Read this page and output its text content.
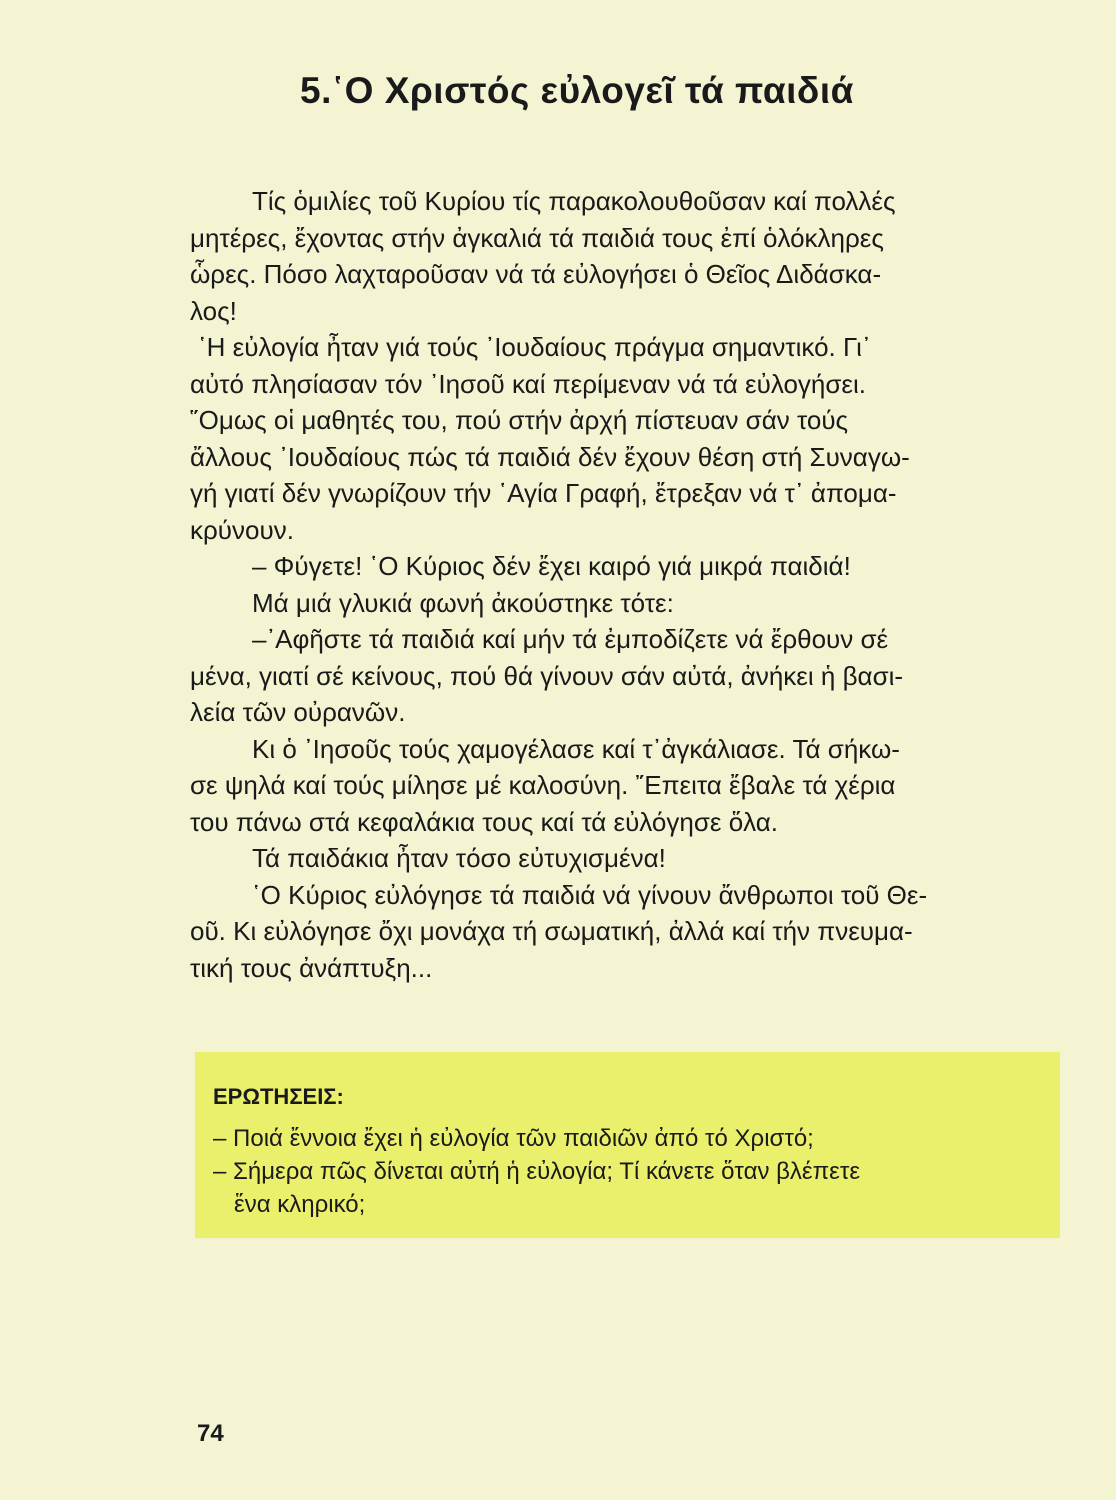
5.῾Ο Χριστός εὐλογεῖ τά παιδιά
Τίς ὁμιλίες τοῦ Κυρίου τίς παρακολουθοῦσαν καί πολλές
μητέρες, ἔχοντας στήν ἀγκαλιά τά παιδιά τους ἐπί ὁλόκληρες
ὧρες. Πόσο λαχταροῦσαν νά τά εὐλογήσει ὁ Θεῖος Διδάσκα-
λος!
῾Η εὐλογία ἦταν γιά τούς ᾽Ιουδαίους πράγμα σημαντικό. Γι᾽
αὐτό πλησίασαν τόν ᾽Ιησοῦ καί περίμεναν νά τά εὐλογήσει.
῞Ομως οἱ μαθητές του, πού στήν ἀρχή πίστευαν σάν τούς
ἄλλους ᾽Ιουδαίους πώς τά παιδιά δέν ἔχουν θέση στή Συναγω-
γή γιατί δέν γνωρίζουν τήν ῾Αγία Γραφή, ἔτρεξαν νά τ᾽ ἀπομα-
κρύνουν.
– Φύγετε! ῾Ο Κύριος δέν ἔχει καιρό γιά μικρά παιδιά!
Μά μιά γλυκιά φωνή ἀκούστηκε τότε:
–᾽Αφῆστε τά παιδιά καί μήν τά ἐμποδίζετε νά ἔρθουν σέ
μένα, γιατί σέ κείνους, πού θά γίνουν σάν αὐτά, ἀνήκει ἡ βασι-
λεία τῶν οὐρανῶν.
Κι ὁ ᾽Ιησοῦς τούς χαμογέλασε καί τ᾽ἀγκάλιασε. Τά σήκω-
σε ψηλά καί τούς μίλησε μέ καλοσύνη. ῎Επειτα ἔβαλε τά χέρια
του πάνω στά κεφαλάκια τους καί τά εὐλόγησε ὅλα.
Τά παιδάκια ἦταν τόσο εὐτυχισμένα!
῾Ο Κύριος εὐλόγησε τά παιδιά νά γίνουν ἄνθρωποι τοῦ Θε-
οῦ. Κι εὐλόγησε ὄχι μονάχα τή σωματική, ἀλλά καί τήν πνευμα-
τική τους ἀνάπτυξη...
ΕΡΩΤΗΣΕΙΣ:
– Ποιά ἔννοια ἔχει ἡ εὐλογία τῶν παιδιῶν ἀπό τό Χριστό;
– Σήμερα πῶς δίνεται αὐτή ἡ εὐλογία; Τί κάνετε ὅταν βλέπετε
ἕνα κληρικό;
74
